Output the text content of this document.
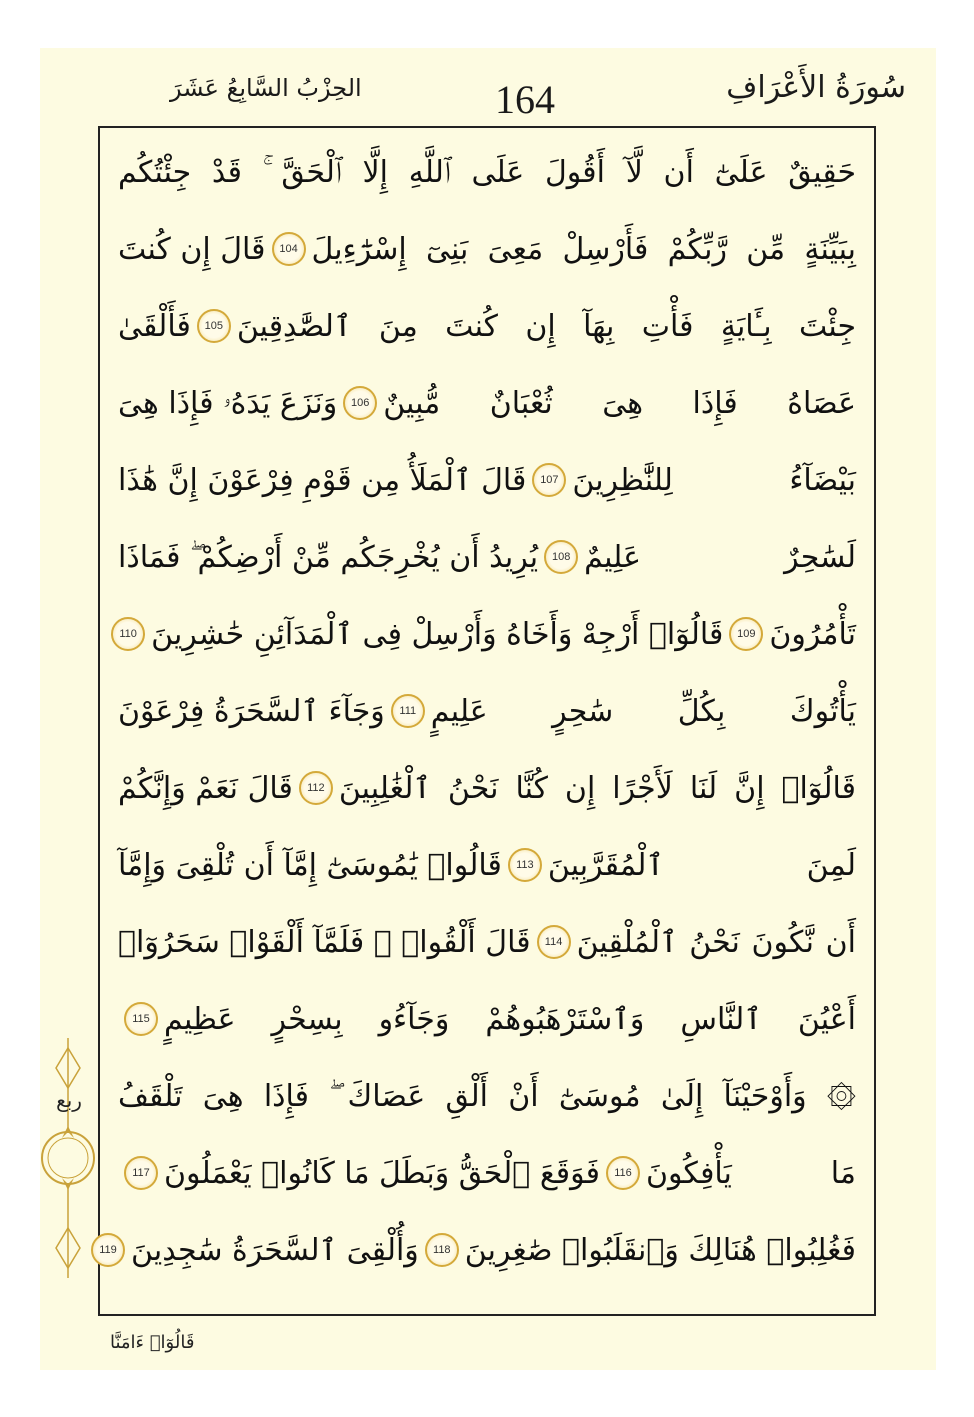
سُورَةُ الأَعْرَافِ
164
الحِزْبُ السَّابِعُ عَشَرَ
ربع
حَقِيقٌ عَلَىٰٓ أَن لَّآ أَقُولَ عَلَى ٱللَّهِ إِلَّا ٱلْحَقَّ ۚ قَدْ جِئْتُكُم
بِبَيِّنَةٍ مِّن رَّبِّكُمْ فَأَرْسِلْ مَعِىَ بَنِىٓ إِسْرَٰٓءِيلَ
104
قَالَ إِن كُنتَ
جِئْتَ بِـَٔايَةٍ فَأْتِ بِهَآ إِن كُنتَ مِنَ ٱلصَّٰدِقِينَ
105
فَأَلْقَىٰ
عَصَاهُ فَإِذَا هِىَ ثُعْبَانٌ مُّبِينٌ
106
وَنَزَعَ يَدَهُۥ فَإِذَا هِىَ
بَيْضَآءُ لِلنَّٰظِرِينَ
107
قَالَ ٱلْمَلَأُ مِن قَوْمِ فِرْعَوْنَ إِنَّ هَٰذَا
لَسَٰحِرٌ عَلِيمٌ
108
يُرِيدُ أَن يُخْرِجَكُم مِّنْ أَرْضِكُمْ ۖ فَمَاذَا
تَأْمُرُونَ
109
قَالُوٓا۟ أَرْجِهْ وَأَخَاهُ وَأَرْسِلْ فِى ٱلْمَدَآئِنِ حَٰشِرِينَ
110
يَأْتُوكَ بِكُلِّ سَٰحِرٍ عَلِيمٍ
111
وَجَآءَ ٱلسَّحَرَةُ فِرْعَوْنَ
قَالُوٓا۟ إِنَّ لَنَا لَأَجْرًا إِن كُنَّا نَحْنُ ٱلْغَٰلِبِينَ
112
قَالَ نَعَمْ وَإِنَّكُمْ
لَمِنَ ٱلْمُقَرَّبِينَ
113
قَالُوا۟ يَٰمُوسَىٰٓ إِمَّآ أَن تُلْقِىَ وَإِمَّآ
أَن نَّكُونَ نَحْنُ ٱلْمُلْقِينَ
114
قَالَ أَلْقُوا۟ ۖ فَلَمَّآ أَلْقَوْا۟ سَحَرُوٓا۟
أَعْيُنَ ٱلنَّاسِ وَٱسْتَرْهَبُوهُمْ وَجَآءُو بِسِحْرٍ عَظِيمٍ
115
۞ وَأَوْحَيْنَآ إِلَىٰ مُوسَىٰٓ أَنْ أَلْقِ عَصَاكَ ۖ فَإِذَا هِىَ تَلْقَفُ
مَا يَأْفِكُونَ
116
فَوَقَعَ ٱلْحَقُّ وَبَطَلَ مَا كَانُوا۟ يَعْمَلُونَ
117
فَغُلِبُوا۟ هُنَالِكَ وَٱنقَلَبُوا۟ صَٰغِرِينَ
118
وَأُلْقِىَ ٱلسَّحَرَةُ سَٰجِدِينَ
119
قَالُوٓا۟ ءَامَنَّا
